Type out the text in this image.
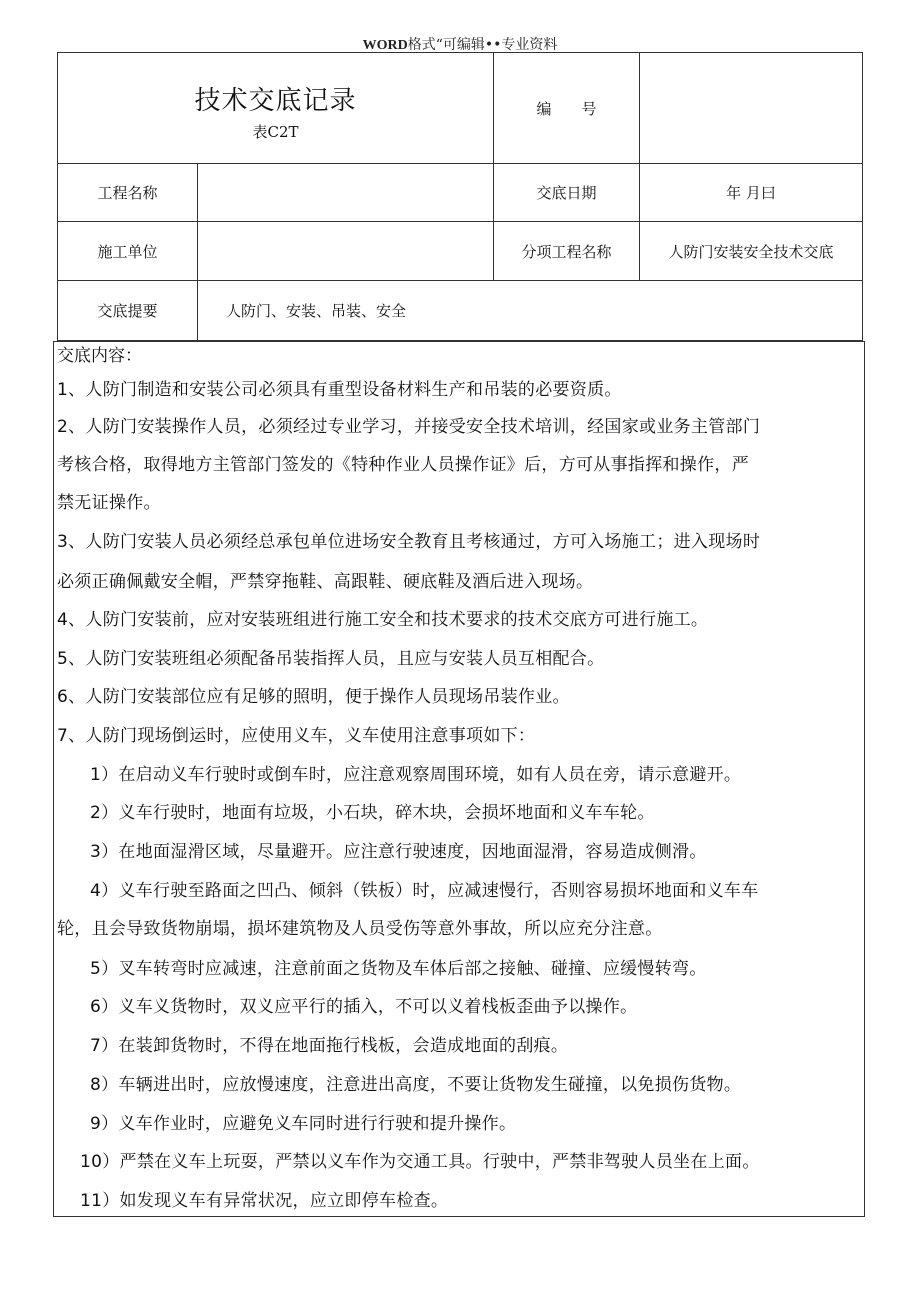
WORD格式“可编辑••专业资料
技术交底记录
表C2T		编　　号	
工程名称		交底日期	年 月曰
施工单位		分项工程名称	人防门安装安全技术交底
交底提要	人防门、安装、吊装、安全		
交底内容：
1、人防门制造和安装公司必须具有重型设备材料生产和吊装的必要资质。
2、人防门安装操作人员，必须经过专业学习，并接受安全技术培训，经国家或业务主管部门
考核合格，取得地方主管部门签发的《特种作业人员操作证》后，方可从事指挥和操作，严
禁无证操作。
3、人防门安装人员必须经总承包单位进场安全教育且考核通过，方可入场施工；进入现场时
必须正确佩戴安全帽，严禁穿拖鞋、高跟鞋、硬底鞋及酒后进入现场。
4、人防门安装前，应对安装班组进行施工安全和技术要求的技术交底方可进行施工。
5、人防门安装班组必须配备吊装指挥人员，且应与安装人员互相配合。
6、人防门安装部位应有足够的照明，便于操作人员现场吊装作业。
7、人防门现场倒运时，应使用义车，义车使用注意事项如下：
1）在启动义车行驶时或倒车时，应注意观察周围环境，如有人员在旁，请示意避开。
2）义车行驶时，地面有垃圾，小石块，碎木块，会损坏地面和义车车轮。
3）在地面湿滑区域，尽量避开。应注意行驶速度，因地面湿滑，容易造成侧滑。
4）义车行驶至路面之凹凸、倾斜（铁板）时，应减速慢行，否则容易损坏地面和义车车
轮，且会导致货物崩塌，损坏建筑物及人员受伤等意外事故，所以应充分注意。
5）叉车转弯时应减速，注意前面之货物及车体后部之接触、碰撞、应缓慢转弯。
6）义车义货物时，双义应平行的插入，不可以义着栈板歪曲予以操作。
7）在装卸货物时，不得在地面拖行栈板，会造成地面的刮痕。
8）车辆进出时，应放慢速度，注意进出高度，不要让货物发生碰撞，以免损伤货物。
9）义车作业时，应避免义车同时进行行驶和提升操作。
10）严禁在义车上玩耍，严禁以义车作为交通工具。行驶中，严禁非驾驶人员坐在上面。
11）如发现义车有异常状况，应立即停车检查。
